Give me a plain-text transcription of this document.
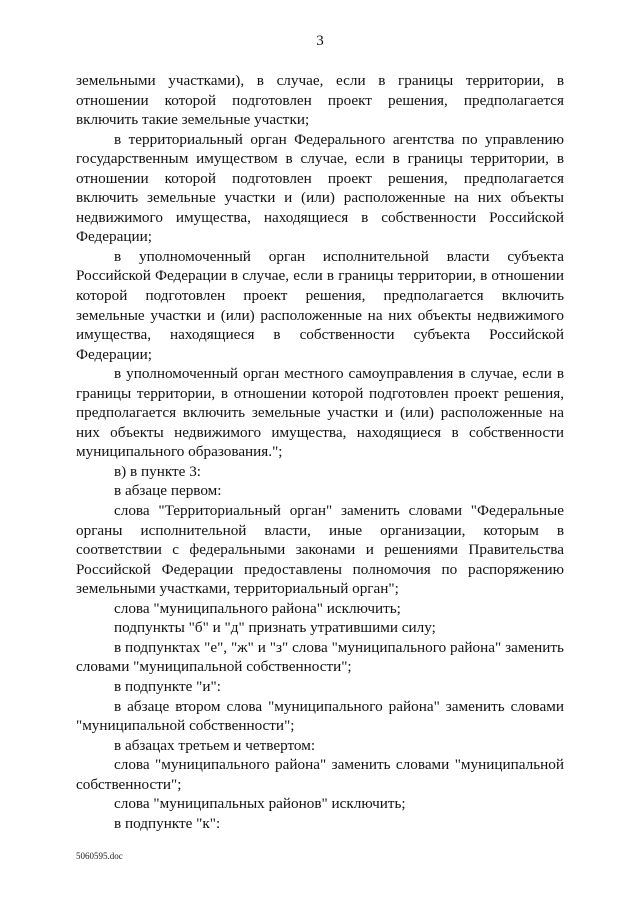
3

земельными участками), в случае, если в границы территории, в отношении которой подготовлен проект решения, предполагается включить такие земельные участки;

в территориальный орган Федерального агентства по управлению государственным имуществом в случае, если в границы территории, в отношении которой подготовлен проект решения, предполагается включить земельные участки и (или) расположенные на них объекты недвижимого имущества, находящиеся в собственности Российской Федерации;

в уполномоченный орган исполнительной власти субъекта Российской Федерации в случае, если в границы территории, в отношении которой подготовлен проект решения, предполагается включить земельные участки и (или) расположенные на них объекты недвижимого имущества, находящиеся в собственности субъекта Российской Федерации;

в уполномоченный орган местного самоуправления в случае, если в границы территории, в отношении которой подготовлен проект решения, предполагается включить земельные участки и (или) расположенные на них объекты недвижимого имущества, находящиеся в собственности муниципального образования.";

в) в пункте 3:

в абзаце первом:

слова "Территориальный орган" заменить словами "Федеральные органы исполнительной власти, иные организации, которым в соответствии с федеральными законами и решениями Правительства Российской Федерации предоставлены полномочия по распоряжению земельными участками, территориальный орган";

слова "муниципального района" исключить;

подпункты "б" и "д" признать утратившими силу;

в подпунктах "е", "ж" и "з" слова "муниципального района" заменить словами "муниципальной собственности";

в подпункте "и":

в абзаце втором слова "муниципального района" заменить словами "муниципальной собственности";

в абзацах третьем и четвертом:

слова "муниципального района" заменить словами "муниципальной собственности";

слова "муниципальных районов" исключить;

в подпункте "к":

5060595.doc
